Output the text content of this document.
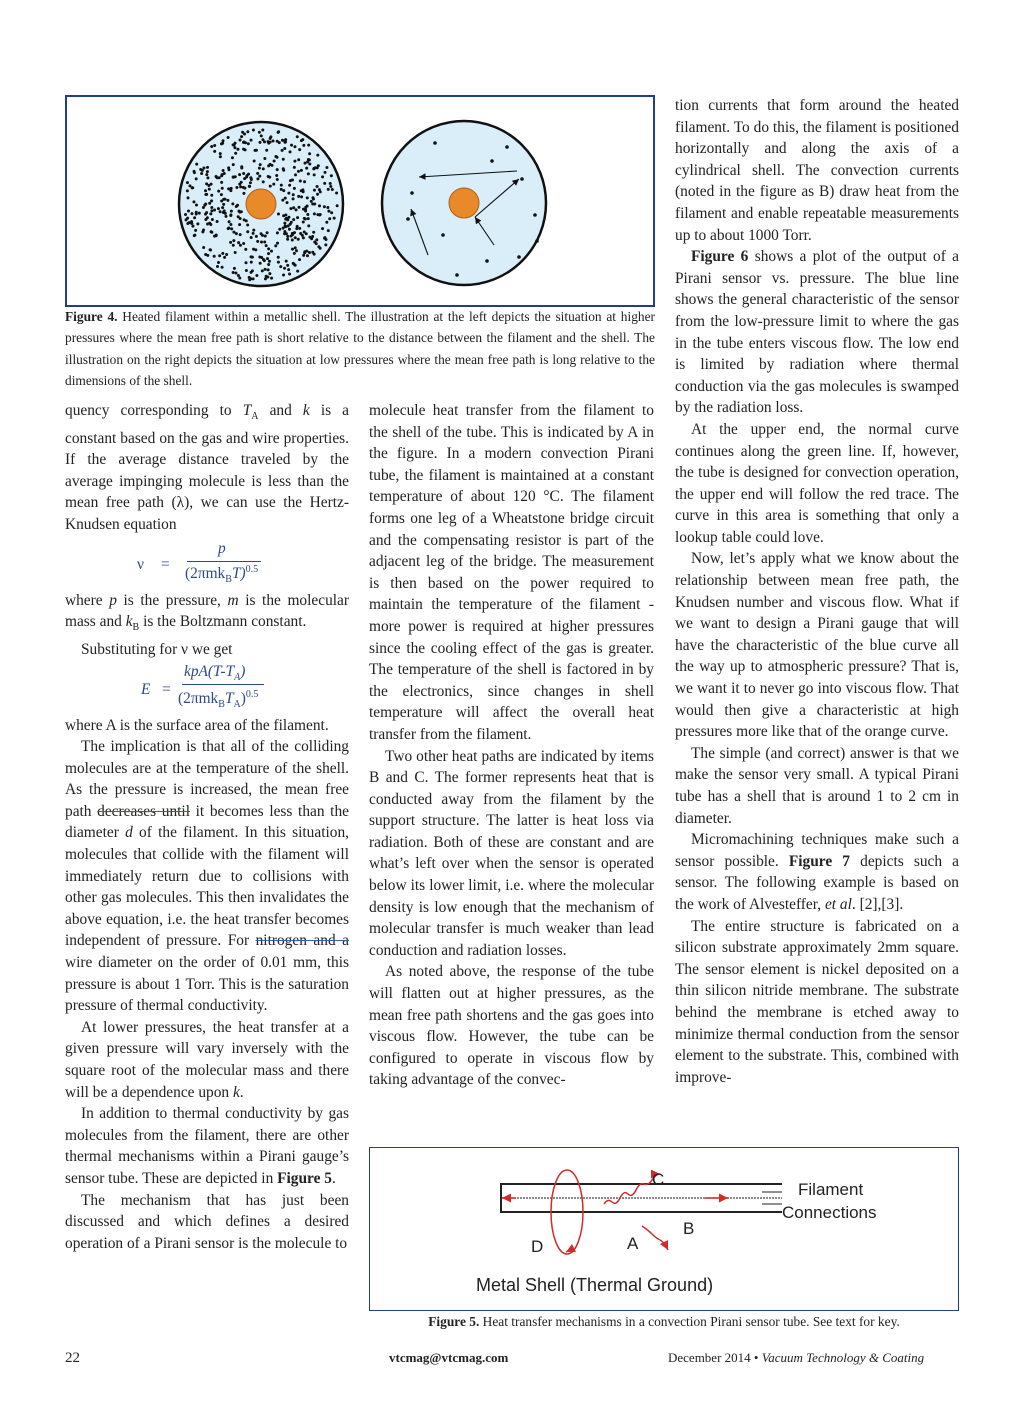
Figure 4. Heated filament within a metallic shell. The illustration at the left depicts the situation at higher pressures where the mean free path is short relative to the distance between the filament and the shell. The illustration on the right depicts the situation at low pressures where the mean free path is long relative to the dimensions of the shell.

quency corresponding to $T_A$ and k is a constant based on the gas and wire properties. If the average distance traveled by the average impinging molecule is less than the mean free path (λ), we can use the Hertz-Knudsen equation

ν =
p
$(2\pi mk_BT)^{0.5}$

where p is the pressure, m is the molecular mass and $k_B$ is the Boltzmann constant.

Substituting for ν we get

E =
$kpA(T-T_A)$
$(2\pi mk_BT_A)^{0.5}$

where A is the surface area of the filament.

The implication is that all of the colliding molecules are at the temperature of the shell. As the pressure is increased, the mean free path decreases until it becomes less than the diameter d of the filament. In this situation, molecules that collide with the filament will immediately return due to collisions with other gas molecules. This then invalidates the above equation, i.e. the heat transfer becomes independent of pressure. For nitrogen and a wire diameter on the order of 0.01 mm, this pressure is about 1 Torr. This is the saturation pressure of thermal conductivity.

At lower pressures, the heat transfer at a given pressure will vary inversely with the square root of the molecular mass and there will be a dependence upon k.

In addition to thermal conductivity by gas molecules from the filament, there are other thermal mechanisms within a Pirani gauge’s sensor tube. These are depicted in Figure 5.

The mechanism that has just been discussed and which defines a desired operation of a Pirani sensor is the molecule to

molecule heat transfer from the filament to the shell of the tube. This is indicated by A in the figure. In a modern convection Pirani tube, the filament is maintained at a constant temperature of about 120 °C. The filament forms one leg of a Wheatstone bridge circuit and the compensating resistor is part of the adjacent leg of the bridge. The measurement is then based on the power required to maintain the temperature of the filament - more power is required at higher pressures since the cooling effect of the gas is greater. The temperature of the shell is factored in by the electronics, since changes in shell temperature will affect the overall heat transfer from the filament.

Two other heat paths are indicated by items B and C. The former represents heat that is conducted away from the filament by the support structure. The latter is heat loss via radiation. Both of these are constant and are what’s left over when the sensor is operated below its lower limit, i.e. where the molecular density is low enough that the mechanism of molecular transfer is much weaker than lead conduction and radiation losses.

As noted above, the response of the tube will flatten out at higher pressures, as the mean free path shortens and the gas goes into viscous flow. However, the tube can be configured to operate in viscous flow by taking advantage of the convec-

tion currents that form around the heated filament. To do this, the filament is positioned horizontally and along the axis of a cylindrical shell. The convection currents (noted in the figure as B) draw heat from the filament and enable repeatable measurements up to about 1000 Torr.

Figure 6 shows a plot of the output of a Pirani sensor vs. pressure. The blue line shows the general characteristic of the sensor from the low-pressure limit to where the gas in the tube enters viscous flow. The low end is limited by radiation where thermal conduction via the gas molecules is swamped by the radiation loss.

At the upper end, the normal curve continues along the green line. If, however, the tube is designed for convection operation, the upper end will follow the red trace. The curve in this area is something that only a lookup table could love.

Now, let’s apply what we know about the relationship between mean free path, the Knudsen number and viscous flow. What if we want to design a Pirani gauge that will have the characteristic of the blue curve all the way up to atmospheric pressure? That is, we want it to never go into viscous flow. That would then give a characteristic at high pressures more like that of the orange curve.

The simple (and correct) answer is that we make the sensor very small. A typical Pirani tube has a shell that is around 1 to 2 cm in diameter.

Micromachining techniques make such a sensor possible. Figure 7 depicts such a sensor. The following example is based on the work of Alvesteffer, et al. [2],[3].

The entire structure is fabricated on a silicon substrate approximately 2mm square. The sensor element is nickel deposited on a thin silicon nitride membrane. The substrate behind the membrane is etched away to minimize thermal conduction from the sensor element to the substrate. This, combined with improve-

C
A
B
D
Filament
Connections
Metal Shell (Thermal Ground)
Figure 5. Heat transfer mechanisms in a convection Pirani sensor tube. See text for key.
22	vtcmag@vtcmag.com	December 2014 • Vacuum Technology & Coating
